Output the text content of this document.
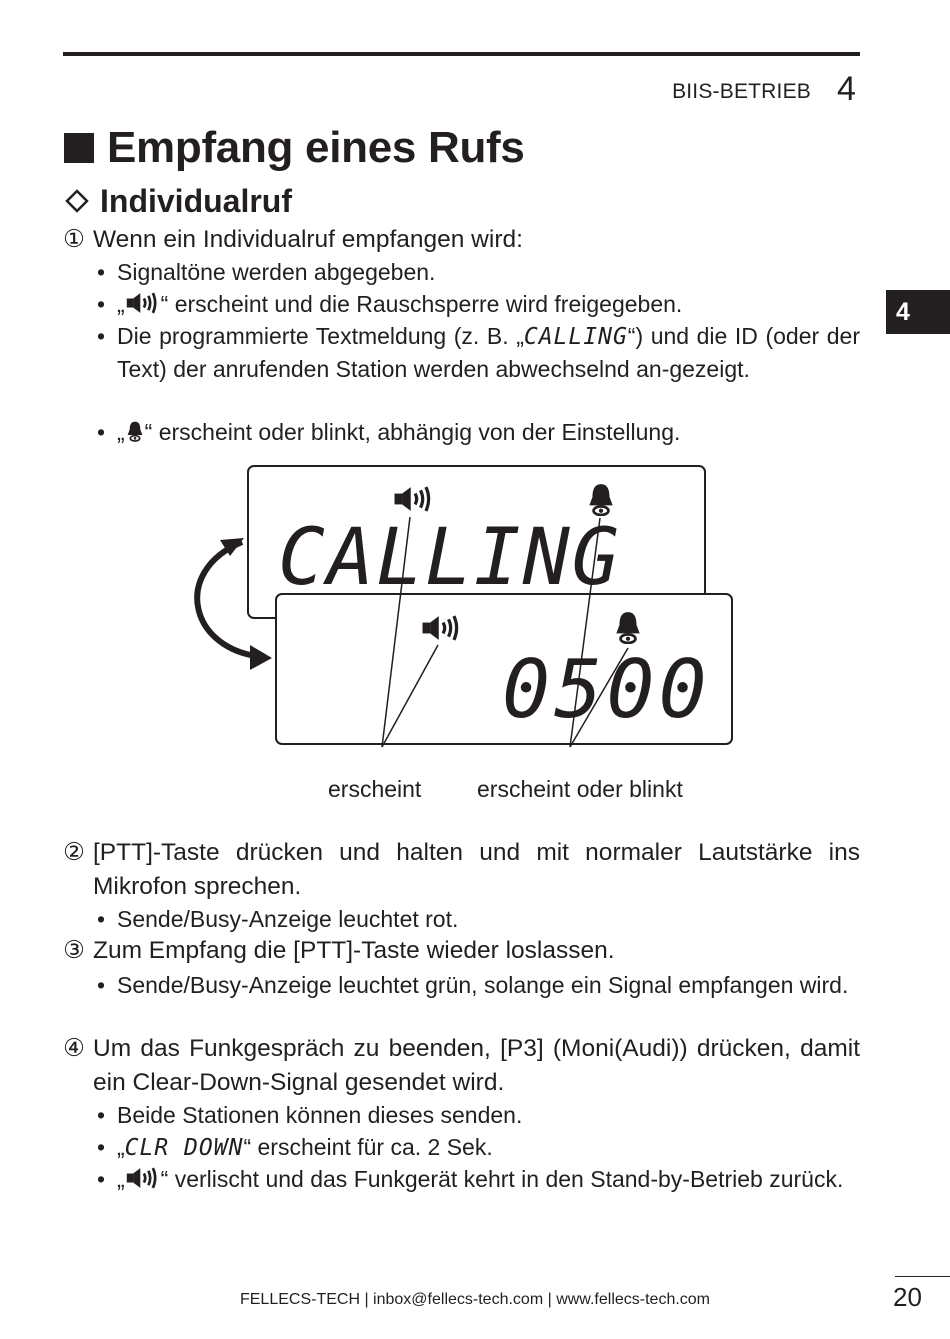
BIIS-BETRIEB 4
4
Empfang eines Rufs
Individualruf
① Wenn ein Individualruf empfangen wird:
• Signaltöne werden abgegeben.
• „ “ erscheint und die Rauschsperre wird freigegeben.
• Die programmierte Textmeldung (z. B. „CALLING“) und die ID (oder der Text) der anrufenden Station werden abwechselnd an-gezeigt.
• „ “ erscheint oder blinkt, abhängig von der Einstellung.
CALLING
0500
erscheint erscheint oder blinkt
② [PTT]-Taste drücken und halten und mit normaler Lautstärke ins Mikrofon sprechen.
• Sende/Busy-Anzeige leuchtet rot.
③ Zum Empfang die [PTT]-Taste wieder loslassen.
• Sende/Busy-Anzeige leuchtet grün, solange ein Signal empfangen wird.
④ Um das Funkgespräch zu beenden, [P3] (Moni(Audi)) drücken, damit ein Clear-Down-Signal gesendet wird.
• Beide Stationen können dieses senden.
• „CLR DOWN“ erscheint für ca. 2 Sek.
• „ “ verlischt und das Funkgerät kehrt in den Stand-by-Betrieb zurück.
FELLECS-TECH | inbox@fellecs-tech.com | www.fellecs-tech.com	20
